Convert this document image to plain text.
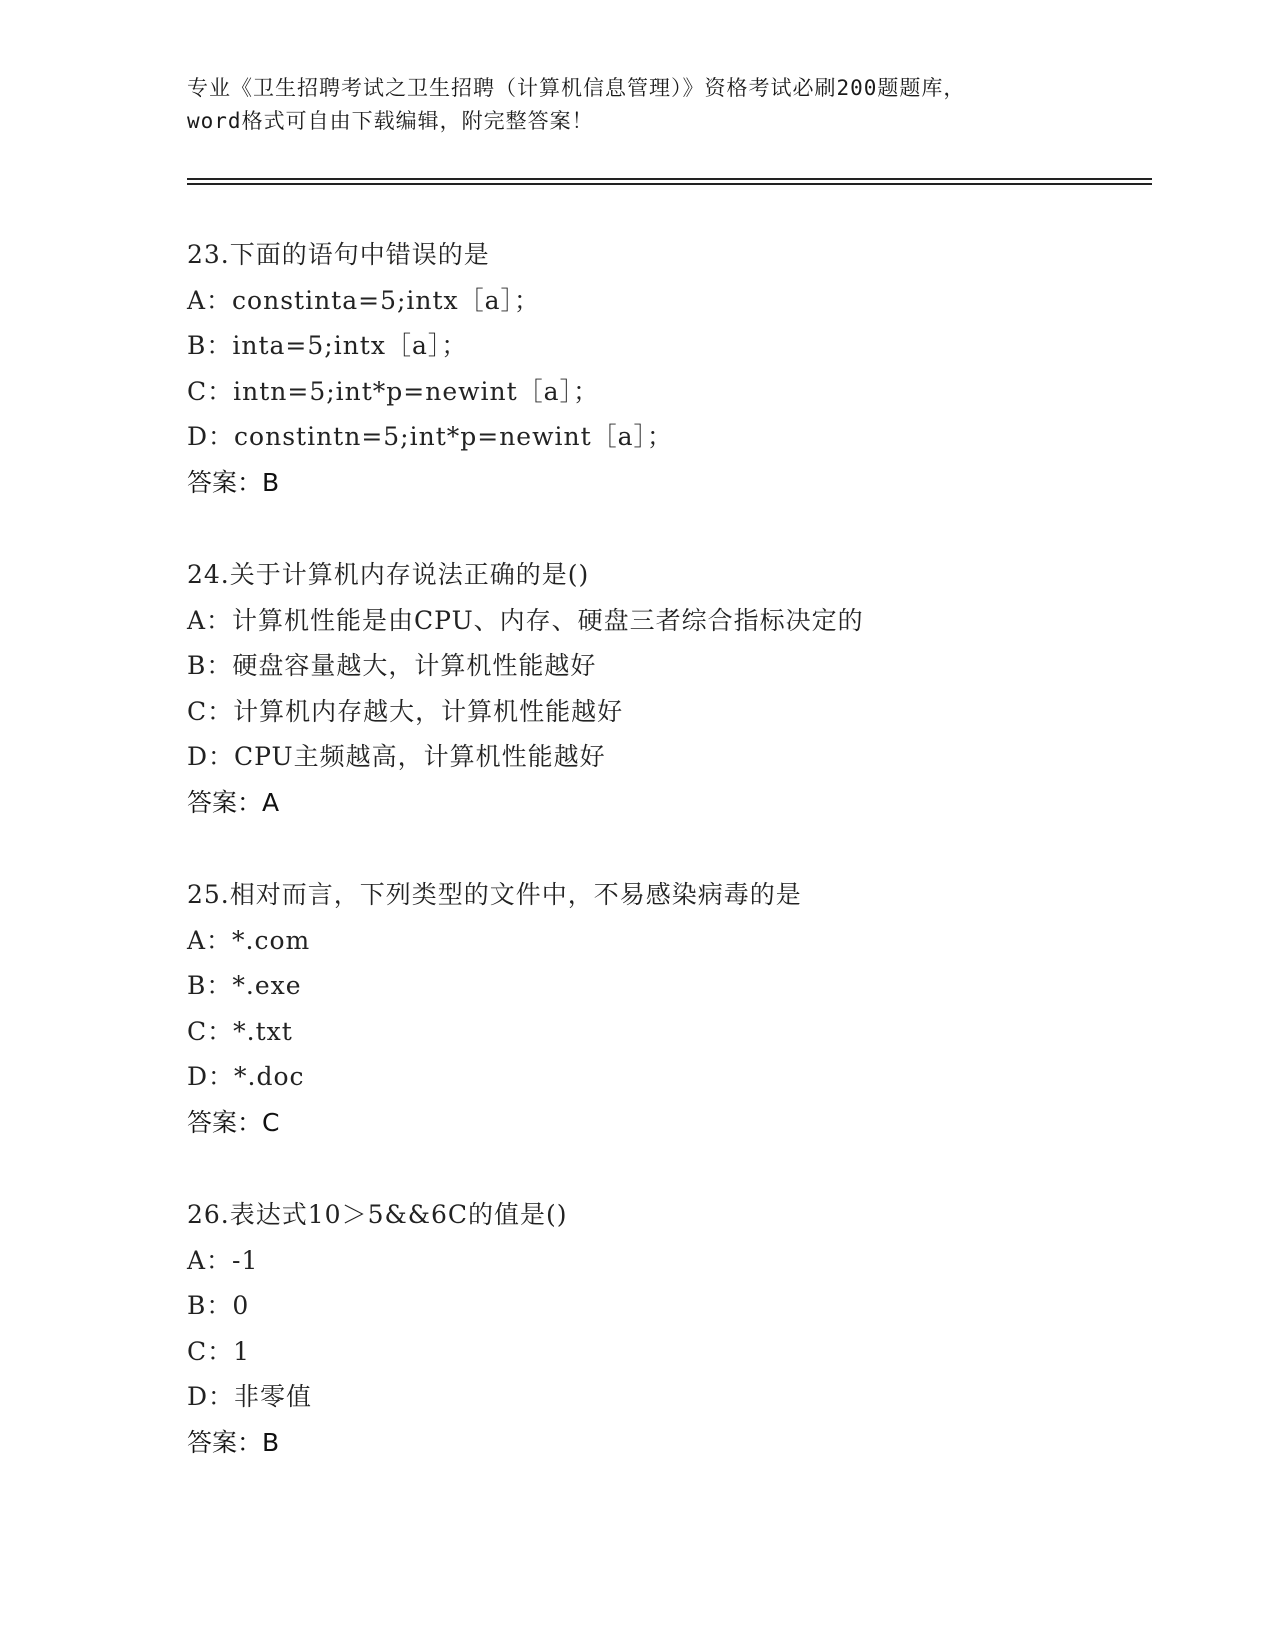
专业《卫生招聘考试之卫生招聘（计算机信息管理）》资格考试必刷200题题库，
word格式可自由下载编辑，附完整答案！
23.下面的语句中错误的是
A：constinta=5;intx［a］；
B：inta=5;intx［a］；
C：intn=5;int*p=newint［a］；
D：constintn=5;int*p=newint［a］；
答案：B
24.关于计算机内存说法正确的是()
A：计算机性能是由CPU、内存、硬盘三者综合指标决定的
B：硬盘容量越大，计算机性能越好
C：计算机内存越大，计算机性能越好
D：CPU主频越高，计算机性能越好
答案：A
25.相对而言，下列类型的文件中，不易感染病毒的是
A：*.com
B：*.exe
C：*.txt
D：*.doc
答案：C
26.表达式10＞5&&6C的值是()
A：-1
B：0
C：1
D：非零值
答案：B
